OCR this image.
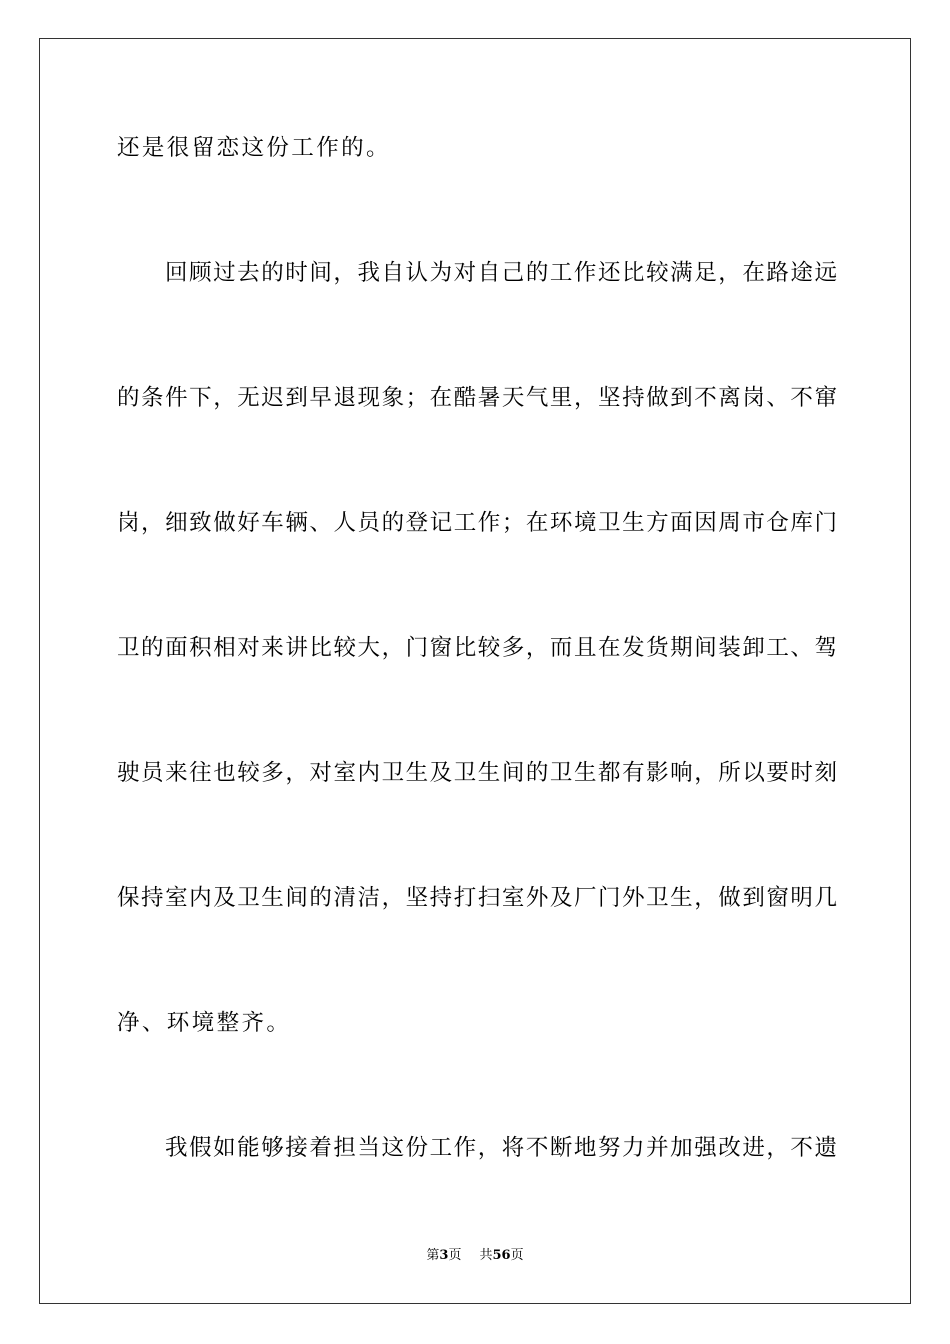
还是很留恋这份工作的。
回顾过去的时间，我自认为对自己的工作还比较满足，在路途远
的条件下，无迟到早退现象；在酷暑天气里，坚持做到不离岗、不窜
岗，细致做好车辆、人员的登记工作；在环境卫生方面因周市仓库门
卫的面积相对来讲比较大，门窗比较多，而且在发货期间装卸工、驾
驶员来往也较多，对室内卫生及卫生间的卫生都有影响，所以要时刻
保持室内及卫生间的清洁，坚持打扫室外及厂门外卫生，做到窗明几
净、环境整齐。
我假如能够接着担当这份工作，将不断地努力并加强改进，不遗
第3页 共56页
